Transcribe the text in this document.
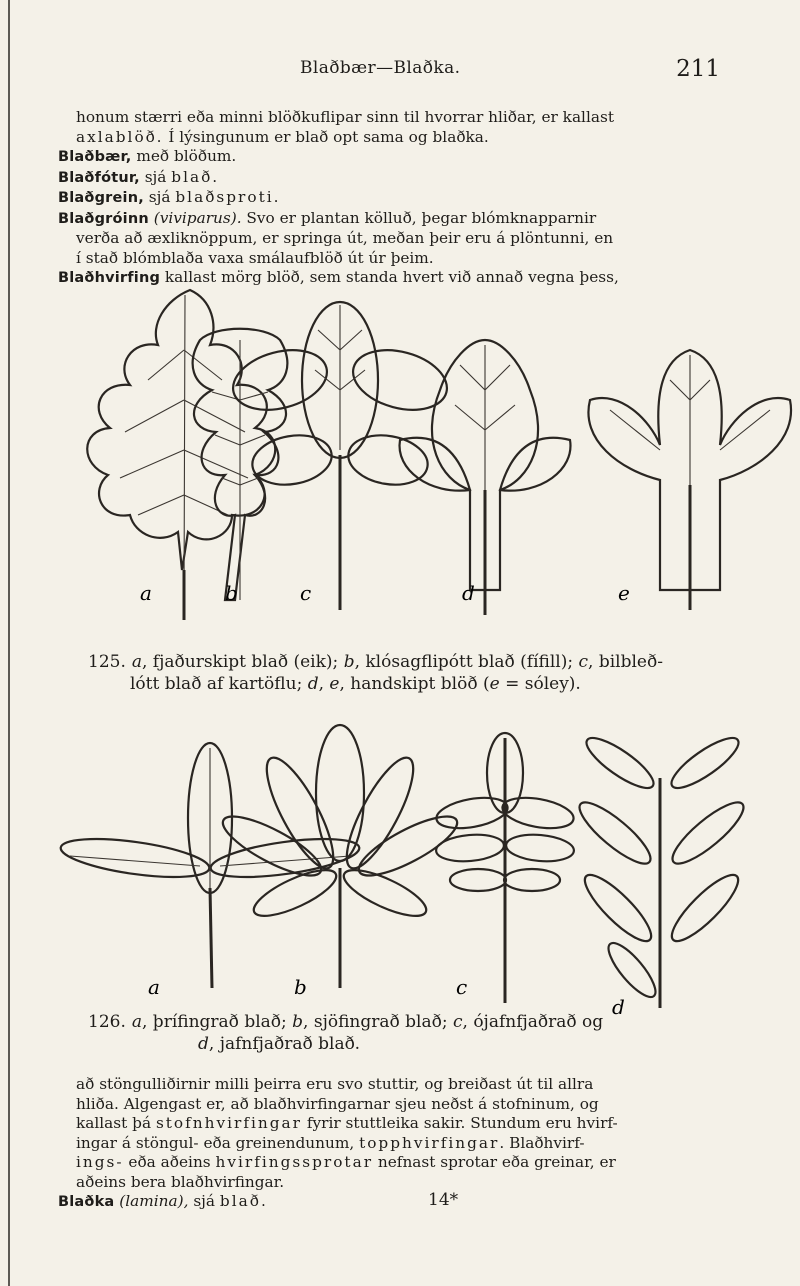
Blaðbær—Blaðka.	211

honum stærri eða minni blöðkuflipar sinn til hvorrar hliðar, er kallast

axlablöð. Í lýsingunum er blað opt sama og blaðka.

Blaðbær, með blöðum.

Blaðfótur, sjá blað.

Blaðgrein, sjá blaðsproti.

Blaðgróinn (viviparus). Svo er plantan kölluð, þegar blómknapparnir

verða að æxliknöppum, er springa út, meðan þeir eru á plöntunni, en

í stað blómblaða vaxa smálaufblöð út úr þeim.

Blaðhvirfing kallast mörg blöð, sem standa hvert við annað vegna þess,

a	b	c	d	e
125. a, fjaðurskipt blað (eik); b, klósagflipótt blað (fífill); c, bilbleð-
lótt blað af kartöflu; d, e, handskipt blöð (e = sóley).
a	b	c
d
126. a, þrífingrað blað; b, sjöfingrað blað; c, ójafnfjaðrað og
d, jafnfjaðrað blað.

að stöngulliðirnir milli þeirra eru svo stuttir, og breiðast út til allra

hliða. Algengast er, að blaðhvirfingarnar sjeu neðst á stofninum, og

kallast þá stofnhvirfingar fyrir stuttleika sakir. Stundum eru hvirf-

ingar á stöngul- eða greinendunum, topphvirfingar. Blaðhvirf-

ings- eða aðeins hvirfingssprotar nefnast sprotar eða greinar, er

aðeins bera blaðhvirfingar.

Blaðka (lamina), sjá blað.	14*
